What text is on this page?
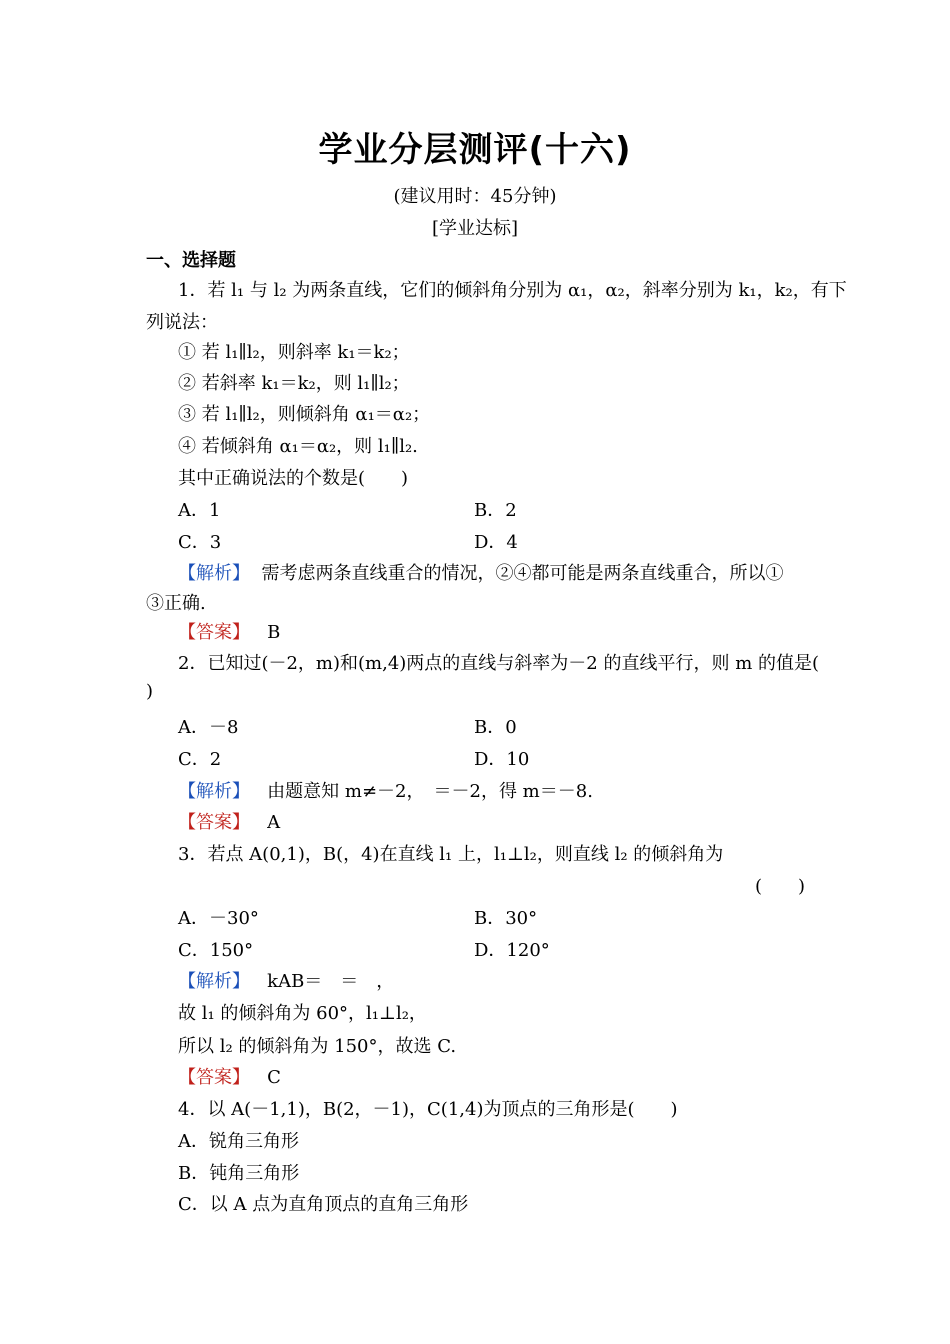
学业分层测评(十六)
(建议用时：45分钟)
[学业达标]
一、选择题
1．若 l₁ 与 l₂ 为两条直线，它们的倾斜角分别为 α₁，α₂，斜率分别为 k₁，k₂，有下
列说法：
① 若 l₁∥l₂，则斜率 k₁＝k₂；
② 若斜率 k₁＝k₂，则 l₁∥l₂；
③ 若 l₁∥l₂，则倾斜角 α₁＝α₂；
④ 若倾斜角 α₁＝α₂，则 l₁∥l₂.
其中正确说法的个数是(　　)
A．1	B．2
C．3	D．4
【解析】 需考虑两条直线重合的情况，②④都可能是两条直线重合，所以①
③正确.
【答案】 B
2．已知过(－2，m)和(m,4)两点的直线与斜率为－2 的直线平行，则 m 的值是(
)
A．－8	B．0
C．2	D．10
【解析】 由题意知 m≠－2，　＝－2，得 m＝－8.
【答案】 A
3．若点 A(0,1)，B(，4)在直线 l₁ 上，l₁⊥l₂，则直线 l₂ 的倾斜角为
(　　)
A．－30°	B．30°
C．150°	D．120°
【解析】 kAB＝　＝　，
故 l₁ 的倾斜角为 60°，l₁⊥l₂，
所以 l₂ 的倾斜角为 150°，故选 C.
【答案】 C
4．以 A(－1,1)，B(2，－1)，C(1,4)为顶点的三角形是(　　)
A．锐角三角形
B．钝角三角形
C．以 A 点为直角顶点的直角三角形
